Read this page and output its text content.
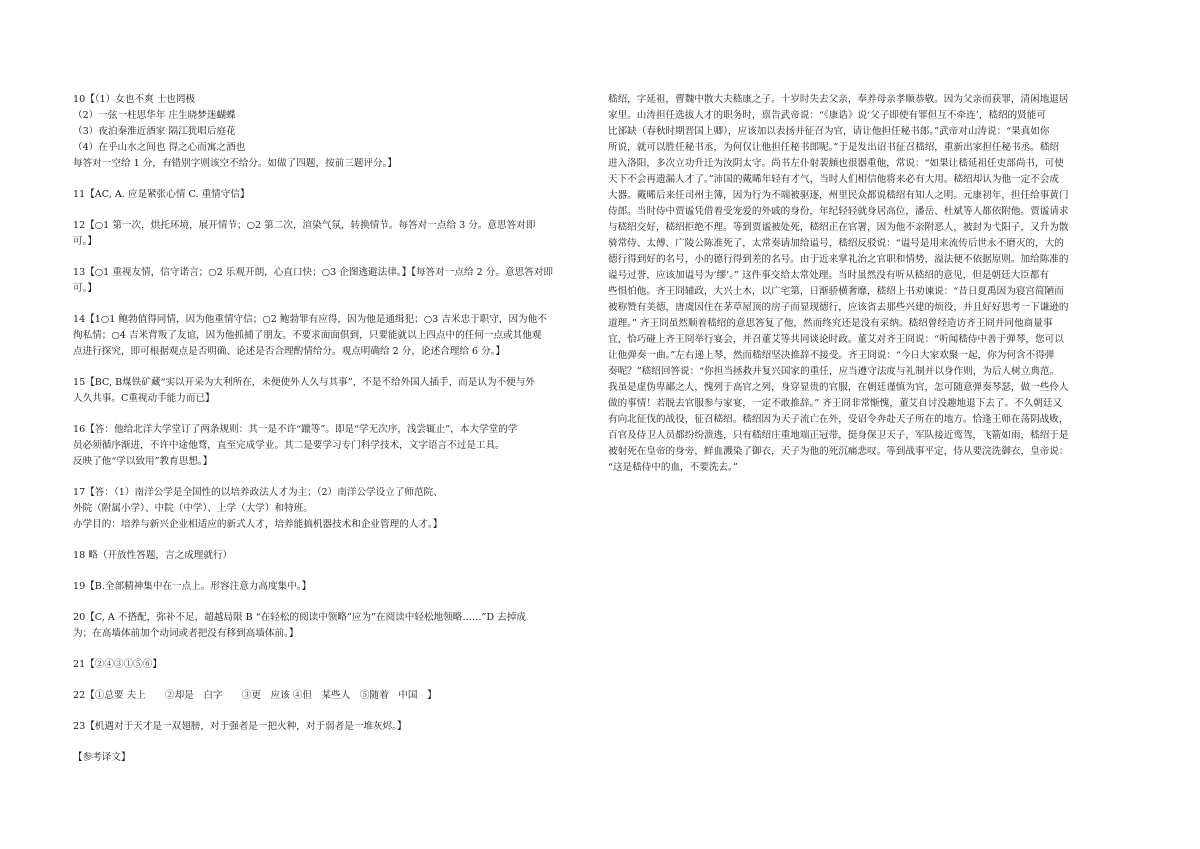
10【（1）女也不爽 士也罔极
（2）一弦一柱思华年 庄生晓梦迷蝴蝶
（3）夜泊秦淮近酒家 隔江犹唱后庭花
（4）在乎山水之间也 得之心而寓之酒也
每答对一空给 1 分，有错别字则该空不给分。如做了四题，按前三题评分。】
11【AC, A. 应是紧张心情 C. 重情守信】
12【○1 第一次，烘托环境，展开情节；○2 第二次，渲染气氛，转换情节。每答对一点给 3 分。意思答对即
可。】
13【○1 重视友情，信守诺言；○2 乐观开朗，心直口快；○3 企图逃避法律。】【每答对一点给 2 分。意思答对即
可。】
14【1○1 鲍勃值得同情，因为他重情守信；○2 鲍勃罪有应得，因为他是通缉犯；○3 吉米忠于职守，因为他不
徇私情；○4 吉米背叛了友谊，因为他抓捕了朋友。不要求面面俱到，只要能就以上四点中的任何一点或其他观
点进行探究，即可根据观点是否明确、论述是否合理酌情给分。观点明确给 2 分，论述合理给 6 分。】
15【BC, B煤铁矿藏“实以开采为大利所在，未便使外人久与其事”，不是不给外国人插手，而是认为不便与外
人久共事。C重视动手能力而已】
16【答：他给北洋大学堂订了两条规则：其一是不许“躐等”。即是“学无次序，浅尝辄止”，本大学堂的学
员必须循序渐进，不许中途他骛，直至完成学业。其二是要学习专门科学技术，文字语言不过是工具。
反映了他“学以致用”教育思想。】
17【答：（1）南洋公学是全国性的以培养政法人才为主；（2）南洋公学设立了师范院、
外院（附属小学）、中院（中学）、上学（大学）和特班。
办学目的：培养与新兴企业相适应的新式人才，培养能搞机器技术和企业管理的人才。】
18 略（开放性答题，言之成理就行）
19【B.全部精神集中在一点上。形容注意力高度集中。】
20【C, A 不搭配，弥补不足，超越局限 B “在轻松的阅读中领略”应为”在阅读中轻松地领略……”D 去掉成
为；在高墙体前加个动词或者把没有移到高墙体前。】
21【②④③①⑤⑥】
22【①总要 夫上　　②却是　白字　　③更　应该 ④但　某些人　⑤随着　中国　】
23【机遇对于天才是一双翅膀，对于强者是一把火种，对于弱者是一堆灰烬。】
【参考译文】
嵇绍，字延祖，曹魏中散大夫嵇康之子。十岁时失去父亲，奉养母亲孝顺恭敬。因为父亲而获罪，清闲地退居
家里。山涛担任选拔人才的职务时，禀告武帝说：“《康诰》说‘父子即使有罪但互不牵连’，嵇绍的贤能可
比郤缺（春秋时期晋国上卿），应该加以表扬并征召为官，请让他担任秘书郎。”武帝对山涛说：“果真如你
所说，就可以胜任秘书丞，为何仅让他担任秘书郎呢。”于是发出诏书征召嵇绍，重新出家担任秘书丞。嵇绍
进入洛阳，多次立功升迁为汝阴太守。尚书左仆射裴頠也很器重他，常说：“如果让嵇延祖任吏部尚书，可使
天下不会再遗漏人才了。”沛国的戴晞年轻有才气，当时人们相信他将来必有大用。嵇绍却认为他一定不会成
大器。戴晞后来任司州主簿，因为行为不端被驱逐，州里民众都说嵇绍有知人之明。元康初年，担任给事黄门
侍郎。当时侍中贾谧凭借着受宠爱的外戚的身份，年纪轻轻就身居高位，潘岳、杜斌等人都依附他。贾谧请求
与嵇绍交好，嵇绍拒绝不理。等到贾谧被处死，嵇绍正在官署，因为他不亲附恶人，被封为弋阳子，又升为散
骑常侍、太傅、广陵公陈准死了，太常奏请加给谥号，嵇绍反驳说：“谥号是用来流传后世永不磨灭的，大的
德行得到好的名号，小的德行得到差的名号。由于近来掌礼治之官职和情势，溢法便不依据原则。加给陈准的
谥号过誉，应该加谥号为‘缪’。” 这件事交给太常处理。当时虽然没有听从嵇绍的意见，但是朝廷大臣都有
些惧怕他。齐王冏辅政，大兴土木，以广宅第，日渐骄横奢靡，嵇绍上书劝谏说：“昔日夏禹因为寝宫简陋而
被称赞有美德，唐虞因住在茅草屋顶的房子而显现德行，应该省去那些兴建的烦役，并且好好思考一下谦逊的
道理。” 齐王冏虽然顺着嵇绍的意思答复了他，然而终究还是没有采纳。嵇绍曾经造访齐王冏并同他商量事
宜，恰巧碰上齐王冏举行宴会，并召董艾等共同谈论时政。董艾对齐王冏说：“听闻嵇侍中善于弹琴，您可以
让他弹奏一曲。”左右递上琴，然而嵇绍坚决推辞不接受。齐王冏说：“今日大家欢聚一起，你为何含不得弹
奏呢？”嵇绍回答说：“你担当拯救并复兴国家的重任，应当遵守法度与礼制并以身作则，为后人树立典范。
我虽是虚伪卑鄙之人，愧列于高官之列，身穿显贵的官服，在朝廷谨慎为官，怎可随意弹奏琴瑟，做一些伶人
做的事情！若脱去官服参与家宴，一定不敢推辞。” 齐王冏非常惭愧，董艾自讨没趣地退下去了。不久朝廷又
有向北征伐的战役，征召嵇绍。嵇绍因为天子流亡在外，受诏令奔赴天子所在的地方。恰逢王师在荡阴战败，
百官及侍卫人员都纷纷溃逃，只有嵇绍庄重地端正冠带，挺身保卫天子，军队接近鸾驾，飞箭如雨，嵇绍于是
被射死在皇帝的身旁，鲜血溅染了御衣，天子为他的死沉痛悲叹。等到战事平定，侍从要浣洗御衣，皇帝说：
“这是嵇侍中的血，不要洗去。”
